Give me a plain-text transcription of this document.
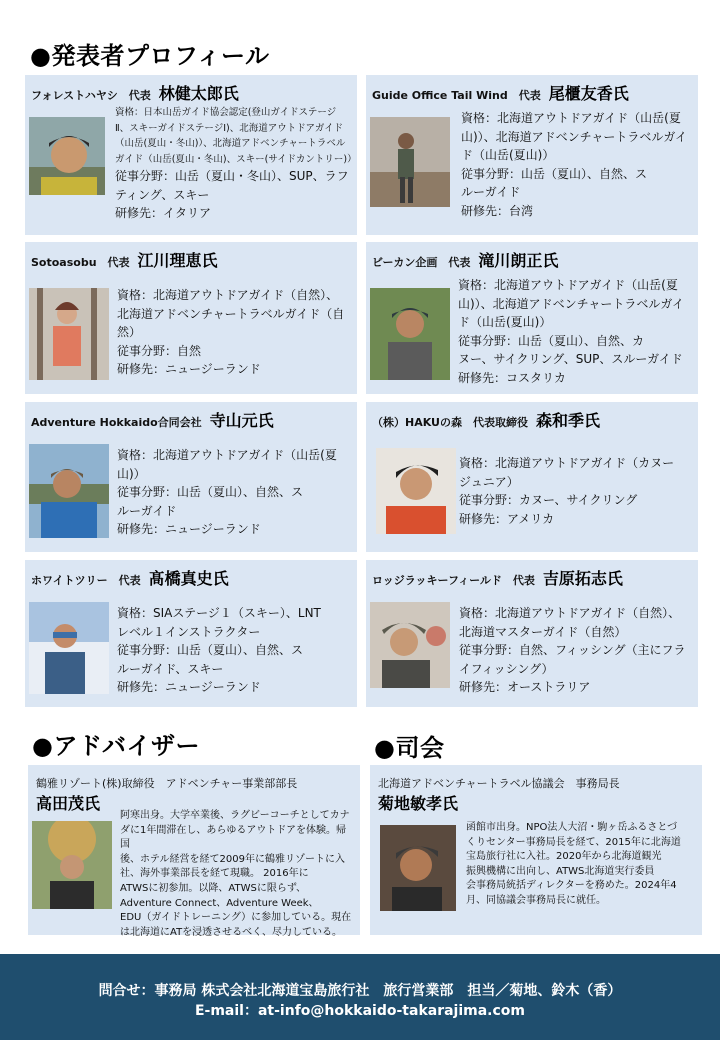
●発表者プロフィール
フォレストハヤシ　代表 林健太郎氏

資格：日本山岳ガイド協会認定(登山ガイドステージ

Ⅱ、スキーガイドステージⅠ)、北海道アウトドアガイド

（山岳(夏山・冬山)）、北海道アドベンチャートラベル

ガイド（山岳(夏山・冬山)、スキー(サイドカントリー)）

従事分野：山岳（夏山・冬山）、SUP、ラフ

ティング、スキー

研修先：イタリア

Guide Office Tail Wind　代表 尾櫃友香氏

資格：北海道アウトドアガイド（山岳(夏

山)）、北海道アドベンチャートラベルガイ

ド（山岳(夏山)）

従事分野：山岳（夏山）、自然、ス

ルーガイド

研修先：台湾

Sotoasobu　代表 江川理恵氏

資格：北海道アウトドアガイド（自然）、

北海道アドベンチャートラベルガイド（自

然）

従事分野：自然

研修先：ニュージーランド

ビーカン企画　代表 滝川朗正氏

資格：北海道アウトドアガイド（山岳(夏

山)）、北海道アドベンチャートラベルガイ

ド（山岳(夏山)）

従事分野：山岳（夏山）、自然、カ

ヌー、サイクリング、SUP、スルーガイド

研修先：コスタリカ

Adventure Hokkaido合同会社 寺山元氏

資格：北海道アウトドアガイド（山岳(夏

山)）

従事分野：山岳（夏山）、自然、ス

ルーガイド

研修先：ニュージーランド

（株）HAKUの森　代表取締役 森和季氏

資格：北海道アウトドアガイド（カヌー

ジュニア）

従事分野：カヌー、サイクリング

研修先：アメリカ

ホワイトツリー　代表 髙橋真史氏

資格：SIAステージ１（スキー）、LNT

レベル１インストラクター

従事分野：山岳（夏山）、自然、ス

ルーガイド、スキー

研修先：ニュージーランド

ロッジラッキーフィールド　代表 吉原拓志氏

資格：北海道アウトドアガイド（自然）、

北海道マスターガイド（自然）

従事分野：自然、フィッシング（主にフラ

イフィッシング）

研修先：オーストラリア

●アドバイザー	●司会
鶴雅リゾート(株)取締役　アドベンチャー事業部部長
高田茂氏

阿寒出身。大学卒業後、ラグビーコーチとしてカナ

ダに1年間滞在し、あらゆるアウトドアを体験。帰国

後、ホテル経営を経て2009年に鶴雅リゾートに入

社、海外事業部長を経て現職。 2016年に

ATWSに初参加。以降、ATWSに限らず、

Adventure Connect、Adventure Week、

EDU（ガイドトレーニング）に参加している。現在

は北海道にATを浸透させるべく、尽力している。

北海道アドベンチャートラベル協議会　事務局長
菊地敏孝氏

函館市出身。NPO法人大沼・駒ヶ岳ふるさとづ

くりセンター事務局長を経て、2015年に北海道

宝島旅行社に入社。2020年から北海道観光

振興機構に出向し、ATWS北海道実行委員

会事務局統括ディレクターを務めた。2024年4

月、同協議会事務局長に就任。

問合せ：事務局 株式会社北海道宝島旅行社　旅行営業部　担当／菊地、鈴木（香）
E-mail：at-info@hokkaido-takarajima.com
